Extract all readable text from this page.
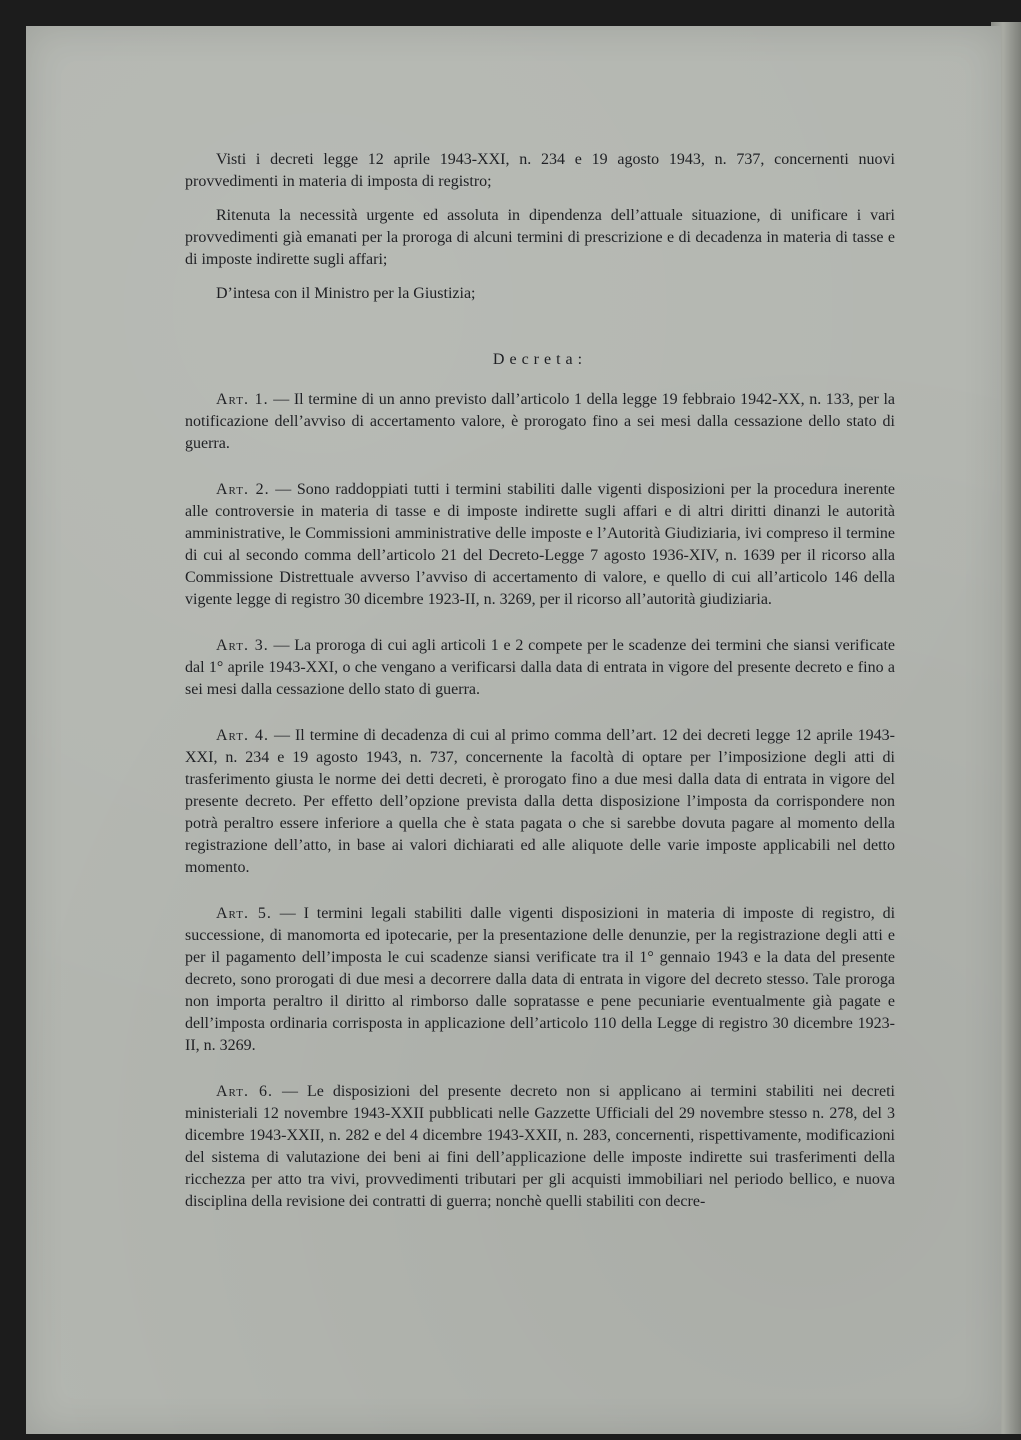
Visti i decreti legge 12 aprile 1943-XXI, n. 234 e 19 agosto 1943, n. 737, concernenti nuovi provvedimenti in materia di imposta di registro;

Ritenuta la necessità urgente ed assoluta in dipendenza dell’attuale situazione, di unificare i vari provvedimenti già emanati per la proroga di alcuni termini di prescrizione e di decadenza in materia di tasse e di imposte indirette sugli affari;

D’intesa con il Ministro per la Giustizia;

Decreta:

Art. 1. — Il termine di un anno previsto dall’articolo 1 della legge 19 febbraio 1942-XX, n. 133, per la notificazione dell’avviso di accertamento valore, è prorogato fino a sei mesi dalla cessazione dello stato di guerra.

Art. 2. — Sono raddoppiati tutti i termini stabiliti dalle vigenti disposizioni per la procedura inerente alle controversie in materia di tasse e di imposte indirette sugli affari e di altri diritti dinanzi le autorità amministrative, le Commissioni amministrative delle imposte e l’Autorità Giudiziaria, ivi compreso il termine di cui al secondo comma dell’articolo 21 del Decreto-Legge 7 agosto 1936-XIV, n. 1639 per il ricorso alla Commissione Distrettuale avverso l’avviso di accertamento di valore, e quello di cui all’articolo 146 della vigente legge di registro 30 dicembre 1923-II, n. 3269, per il ricorso all’autorità giudiziaria.

Art. 3. — La proroga di cui agli articoli 1 e 2 compete per le scadenze dei termini che siansi verificate dal 1° aprile 1943-XXI, o che vengano a verificarsi dalla data di entrata in vigore del presente decreto e fino a sei mesi dalla cessazione dello stato di guerra.

Art. 4. — Il termine di decadenza di cui al primo comma dell’art. 12 dei decreti legge 12 aprile 1943-XXI, n. 234 e 19 agosto 1943, n. 737, concernente la facoltà di optare per l’imposizione degli atti di trasferimento giusta le norme dei detti decreti, è prorogato fino a due mesi dalla data di entrata in vigore del presente decreto. Per effetto dell’opzione prevista dalla detta disposizione l’imposta da corrispondere non potrà peraltro essere inferiore a quella che è stata pagata o che si sarebbe dovuta pagare al momento della registrazione dell’atto, in base ai valori dichiarati ed alle aliquote delle varie imposte applicabili nel detto momento.

Art. 5. — I termini legali stabiliti dalle vigenti disposizioni in materia di imposte di registro, di successione, di manomorta ed ipotecarie, per la presentazione delle denunzie, per la registrazione degli atti e per il pagamento dell’imposta le cui scadenze siansi verificate tra il 1° gennaio 1943 e la data del presente decreto, sono prorogati di due mesi a decorrere dalla data di entrata in vigore del decreto stesso. Tale proroga non importa peraltro il diritto al rimborso dalle sopratasse e pene pecuniarie eventualmente già pagate e dell’imposta ordinaria corrisposta in applicazione dell’articolo 110 della Legge di registro 30 dicembre 1923-II, n. 3269.

Art. 6. — Le disposizioni del presente decreto non si applicano ai termini stabiliti nei decreti ministeriali 12 novembre 1943-XXII pubblicati nelle Gazzette Ufficiali del 29 novembre stesso n. 278, del 3 dicembre 1943-XXII, n. 282 e del 4 dicembre 1943-XXII, n. 283, concernenti, rispettivamente, modificazioni del sistema di valutazione dei beni ai fini dell’applicazione delle imposte indirette sui trasferimenti della ricchezza per atto tra vivi, provvedimenti tributari per gli acquisti immobiliari nel periodo bellico, e nuova disciplina della revisione dei contratti di guerra; nonchè quelli stabiliti con decre-
